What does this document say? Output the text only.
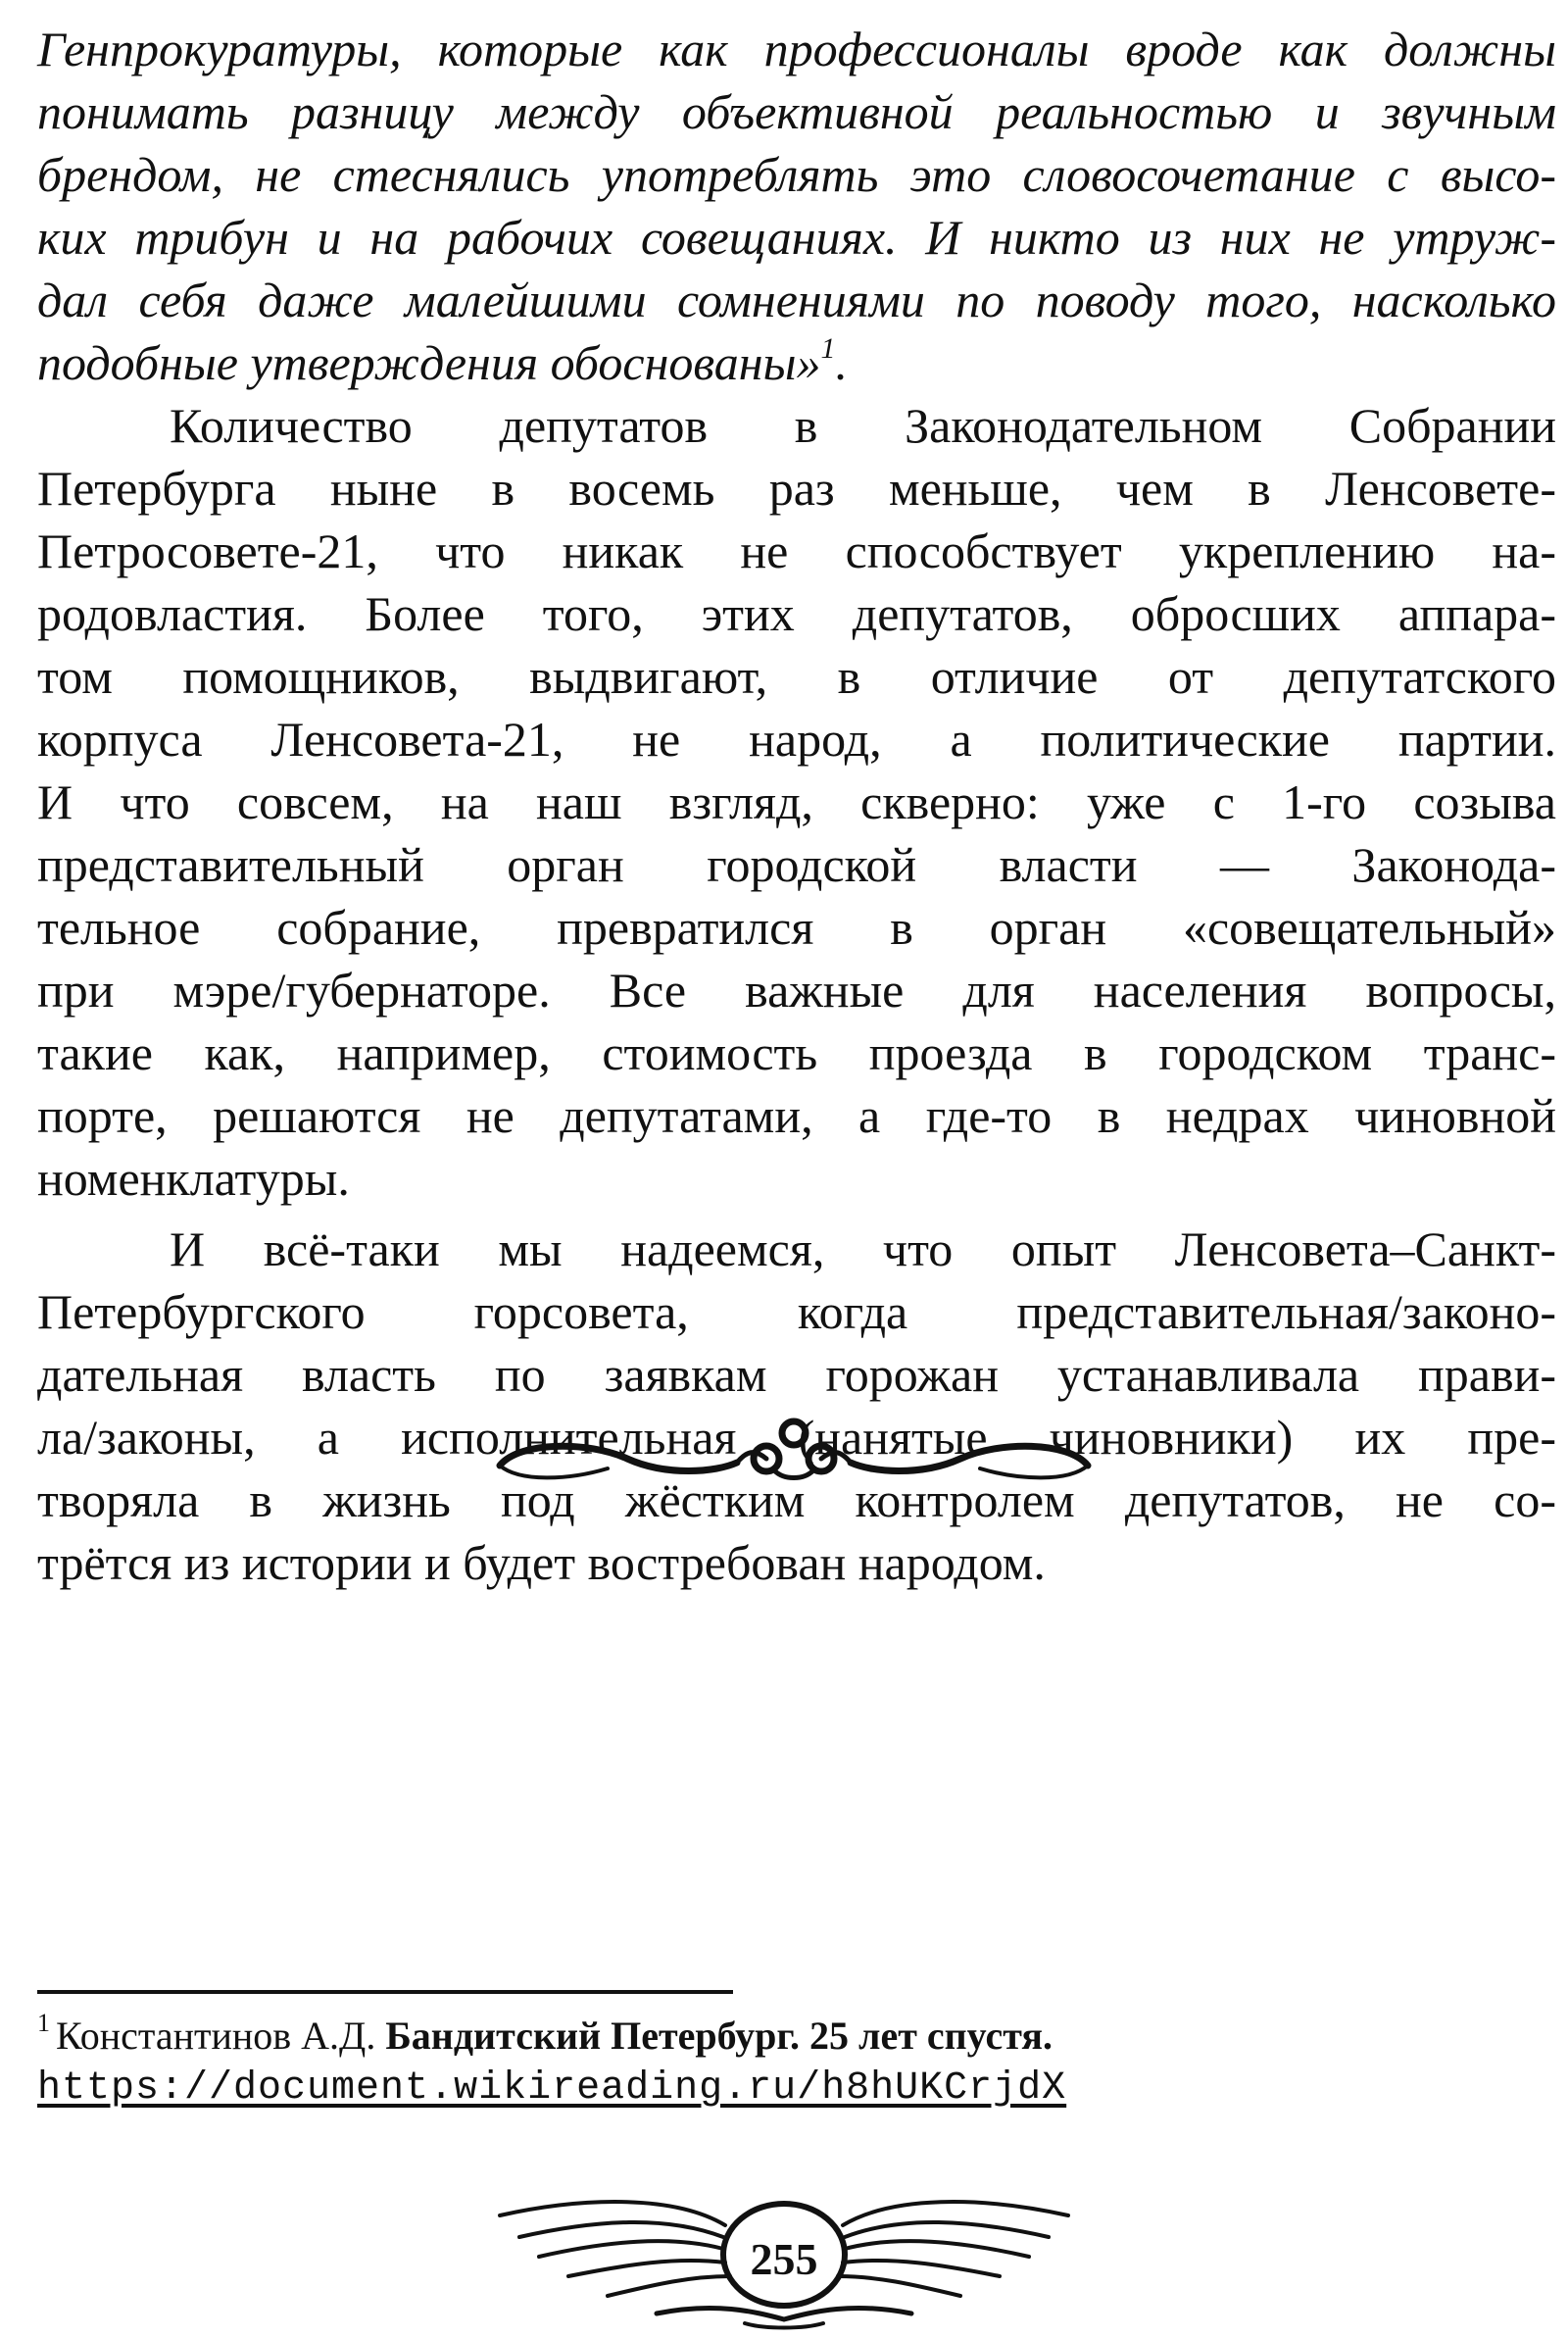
Генпрокуратуры, которые как профессионалы вроде как должны
понимать разницу между объективной реальностью и звучным
брендом, не стеснялись употреблять это словосочетание с высо-
ких трибун и на рабочих совещаниях. И никто из них не утруж-
дал себя даже малейшими сомнениями по поводу того, насколько
подобные утверждения обоснованы»$^1$.
Количество депутатов в Законодательном Собрании
Петербурга ныне в восемь раз меньше, чем в Ленсовете-
Петросовете-21, что никак не способствует укреплению на-
родовластия. Более того, этих депутатов, обросших аппара-
том помощников, выдвигают, в отличие от депутатского
корпуса Ленсовета-21, не народ, а политические партии.
И что совсем, на наш взгляд, скверно: уже с 1-го созыва
представительный орган городской власти — Законода-
тельное собрание, превратился в орган «совещательный»
при мэре/губернаторе. Все важные для населения вопросы,
такие как, например, стоимость проезда в городском транс-
порте, решаются не депутатами, а где-то в недрах чиновной
номенклатуры.
И всё-таки мы надеемся, что опыт Ленсовета–Санкт-
Петербургского горсовета, когда представительная/законо-
дательная власть по заявкам горожан устанавливала прави-
ла/законы, а исполнительная (нанятые чиновники) их пре-
творяла в жизнь под жёстким контролем депутатов, не со-
трётся из истории и будет востребован народом.
$^1$ Константинов А.Д. Бандитский Петербург. 25 лет спустя.
https://document.wikireading.ru/h8hUKCrjdX
255
